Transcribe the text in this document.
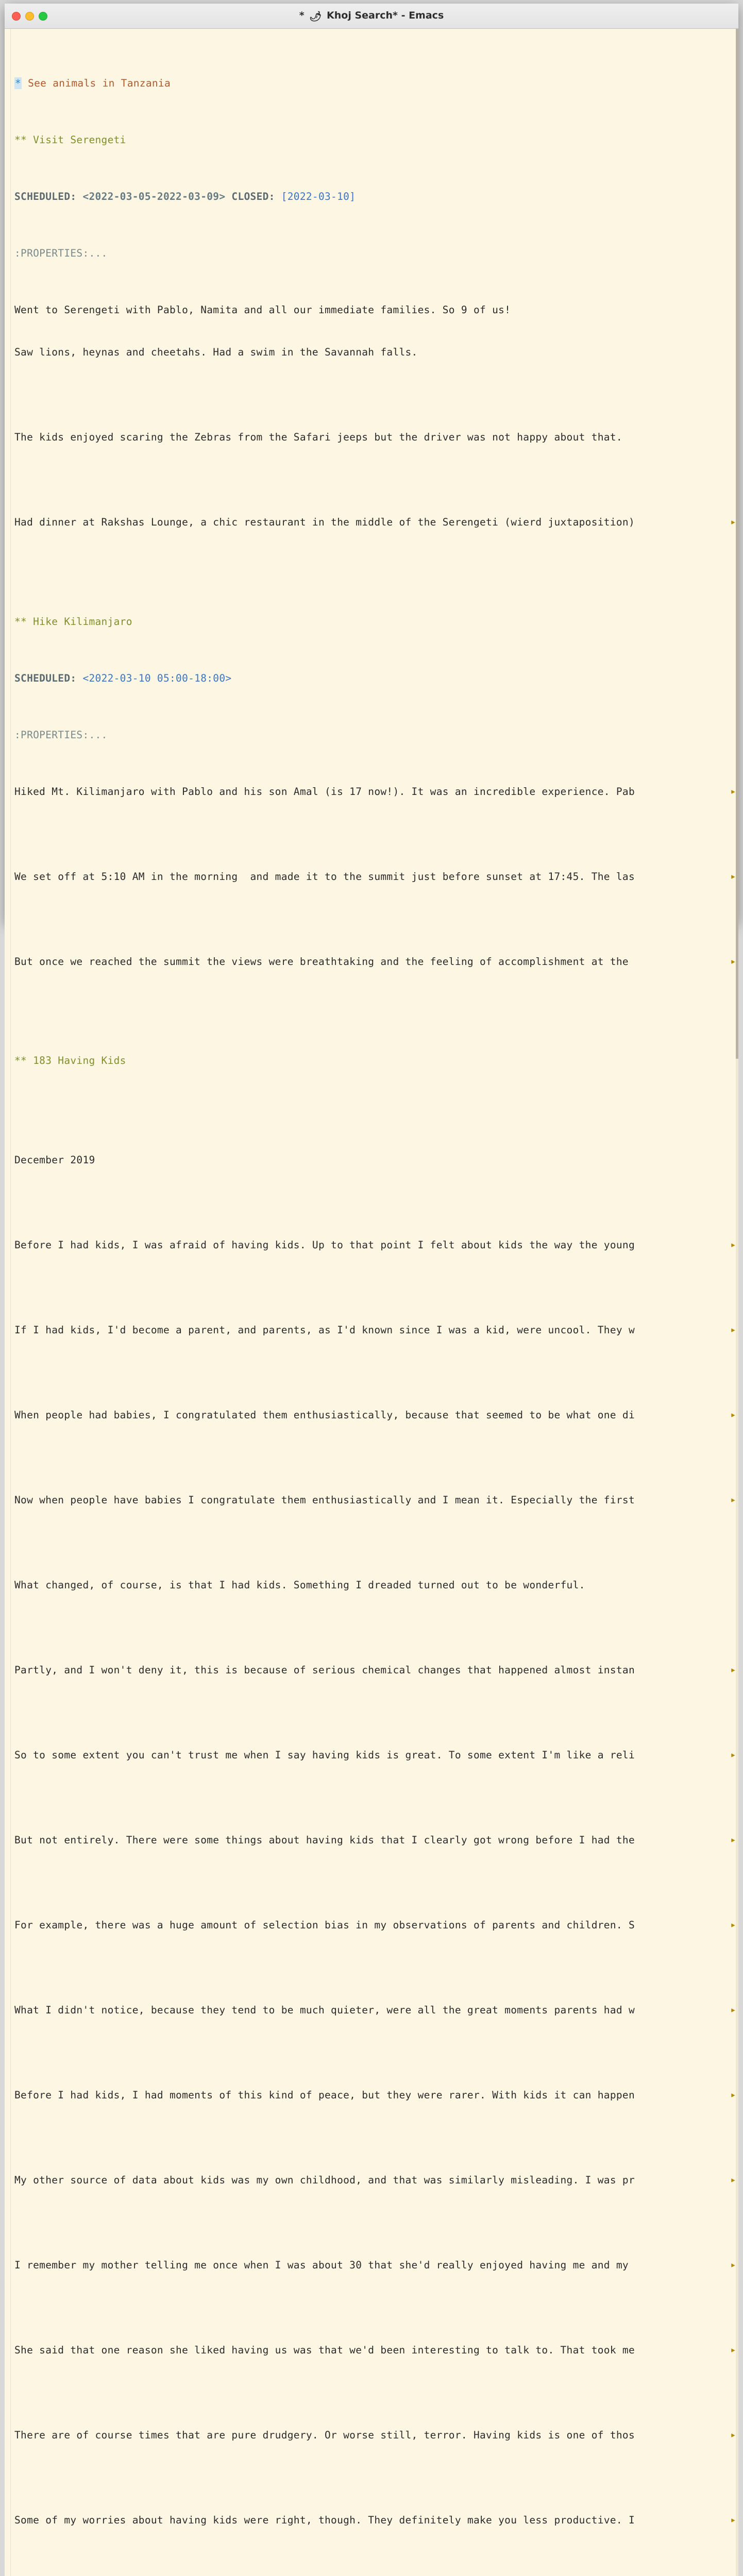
* 🌶 Khoj Search* - Emacs

* See animals in Tanzania

** Visit Serengeti

SCHEDULED: <2022-03-05-2022-03-09> CLOSED: [2022-03-10]

:PROPERTIES:...

Went to Serengeti with Pablo, Namita and all our immediate families. So 9 of us!

Saw lions, heynas and cheetahs. Had a swim in the Savannah falls.

The kids enjoyed scaring the Zebras from the Safari jeeps but the driver was not happy about that.

Had dinner at Rakshas Lounge, a chic restaurant in the middle of the Serengeti (wierd juxtaposition) ▸

** Hike Kilimanjaro

SCHEDULED: <2022-03-10 05:00-18:00>

:PROPERTIES:...

Hiked Mt. Kilimanjaro with Pablo and his son Amal (is 17 now!). It was an incredible experience. Pab ▸

We set off at 5:10 AM in the morning  and made it to the summit just before sunset at 17:45. The las ▸

But once we reached the summit the views were breathtaking and the feeling of accomplishment at the  ▸

** 183 Having Kids

December 2019

Before I had kids, I was afraid of having kids. Up to that point I felt about kids the way the young ▸

If I had kids, I'd become a parent, and parents, as I'd known since I was a kid, were uncool. They w ▸

When people had babies, I congratulated them enthusiastically, because that seemed to be what one di ▸

Now when people have babies I congratulate them enthusiastically and I mean it. Especially the first ▸

What changed, of course, is that I had kids. Something I dreaded turned out to be wonderful.

Partly, and I won't deny it, this is because of serious chemical changes that happened almost instan ▸

So to some extent you can't trust me when I say having kids is great. To some extent I'm like a reli ▸

But not entirely. There were some things about having kids that I clearly got wrong before I had the ▸

For example, there was a huge amount of selection bias in my observations of parents and children. S ▸

What I didn't notice, because they tend to be much quieter, were all the great moments parents had w ▸

Before I had kids, I had moments of this kind of peace, but they were rarer. With kids it can happen ▸

My other source of data about kids was my own childhood, and that was similarly misleading. I was pr ▸

I remember my mother telling me once when I was about 30 that she'd really enjoyed having me and my  ▸

She said that one reason she liked having us was that we'd been interesting to talk to. That took me ▸

There are of course times that are pure drudgery. Or worse still, terror. Having kids is one of thos ▸

Some of my worries about having kids were right, though. They definitely make you less productive. I ▸
